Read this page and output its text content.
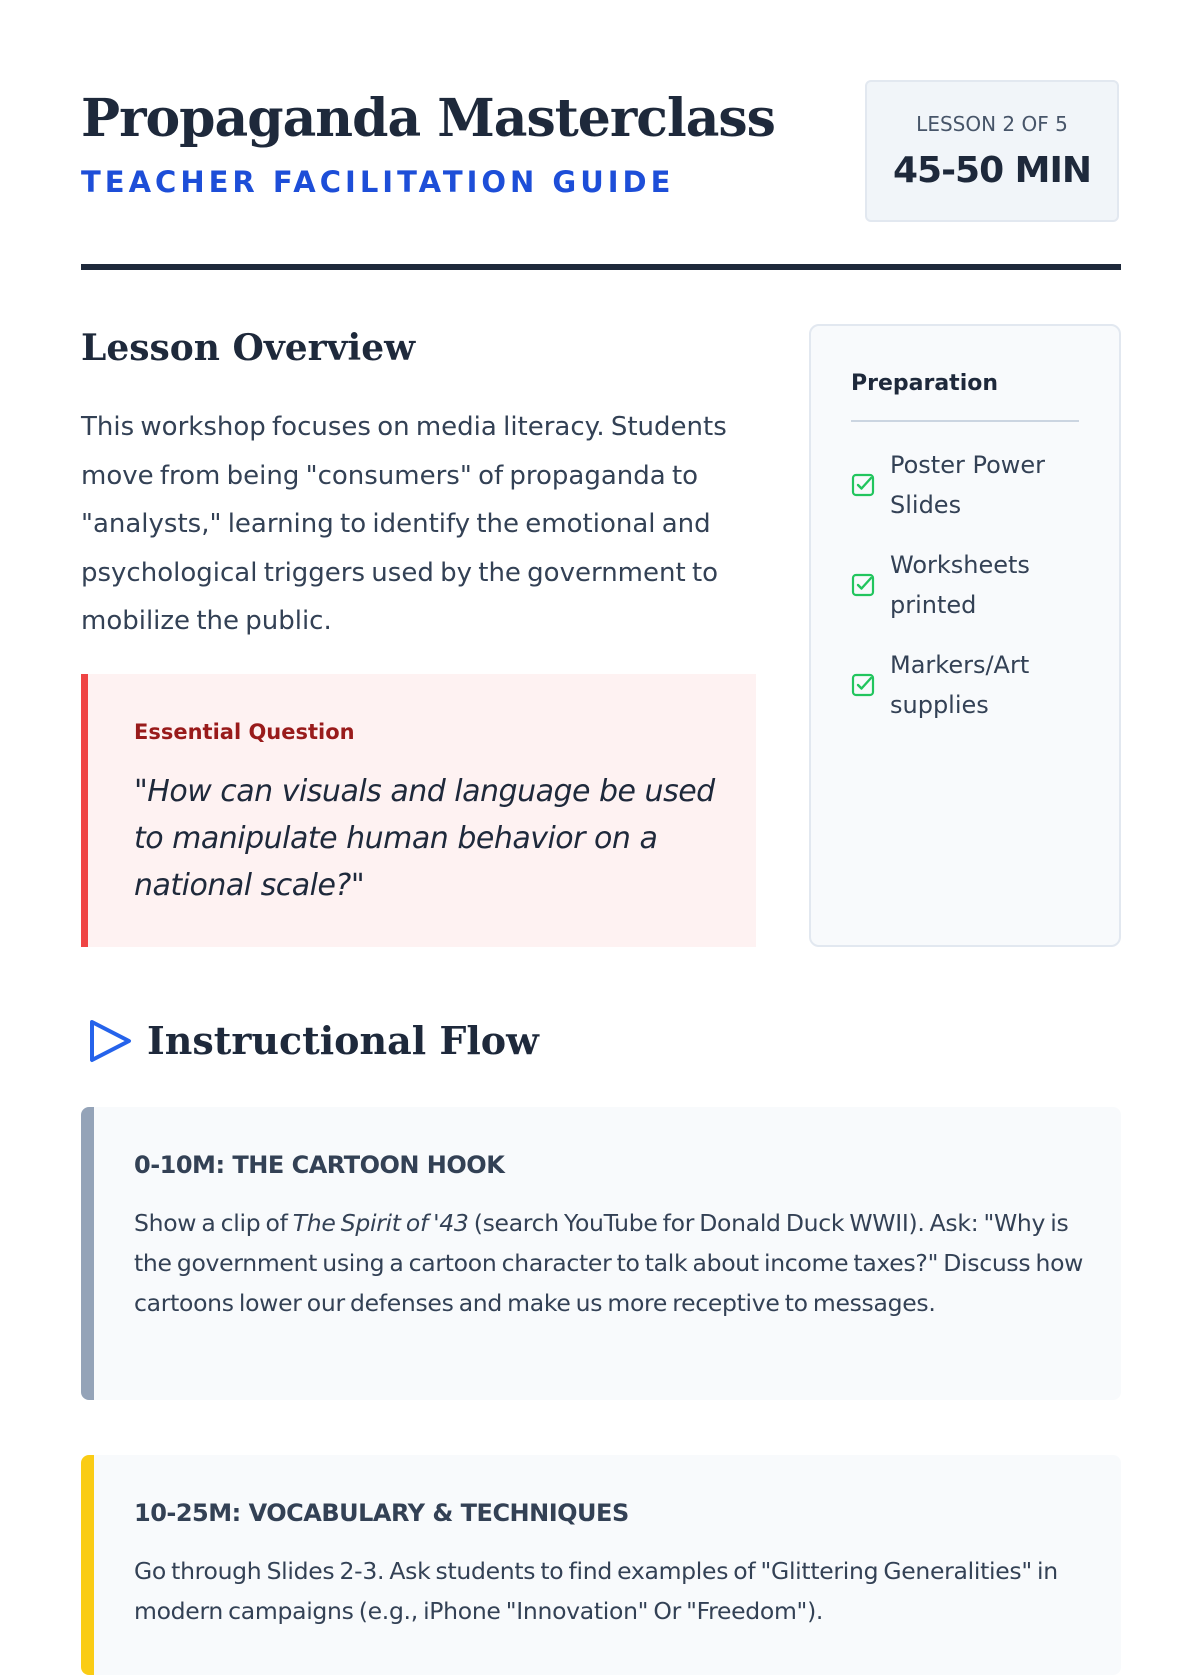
Propaganda Masterclass
TEACHER FACILITATION GUIDE
LESSON 2 OF 5
45-50 MIN
Lesson Overview

This workshop focuses on media literacy. Students move from being "consumers" of propaganda to "analysts," learning to identify the emotional and psychological triggers used by the government to mobilize the public.

Essential Question
"How can visuals and language be used to manipulate human behavior on a national scale?"
Preparation
Poster Power Slides
Worksheets printed
Markers/Art supplies
Instructional Flow
0-10M: THE CARTOON HOOK
Show a clip of The Spirit of '43 (search YouTube for Donald Duck WWII). Ask: "Why is the government using a cartoon character to talk about income taxes?" Discuss how cartoons lower our defenses and make us more receptive to messages.
10-25M: VOCABULARY & TECHNIQUES
Go through Slides 2-3. Ask students to find examples of "Glittering Generalities" in modern campaigns (e.g., iPhone "Innovation" Or "Freedom").
